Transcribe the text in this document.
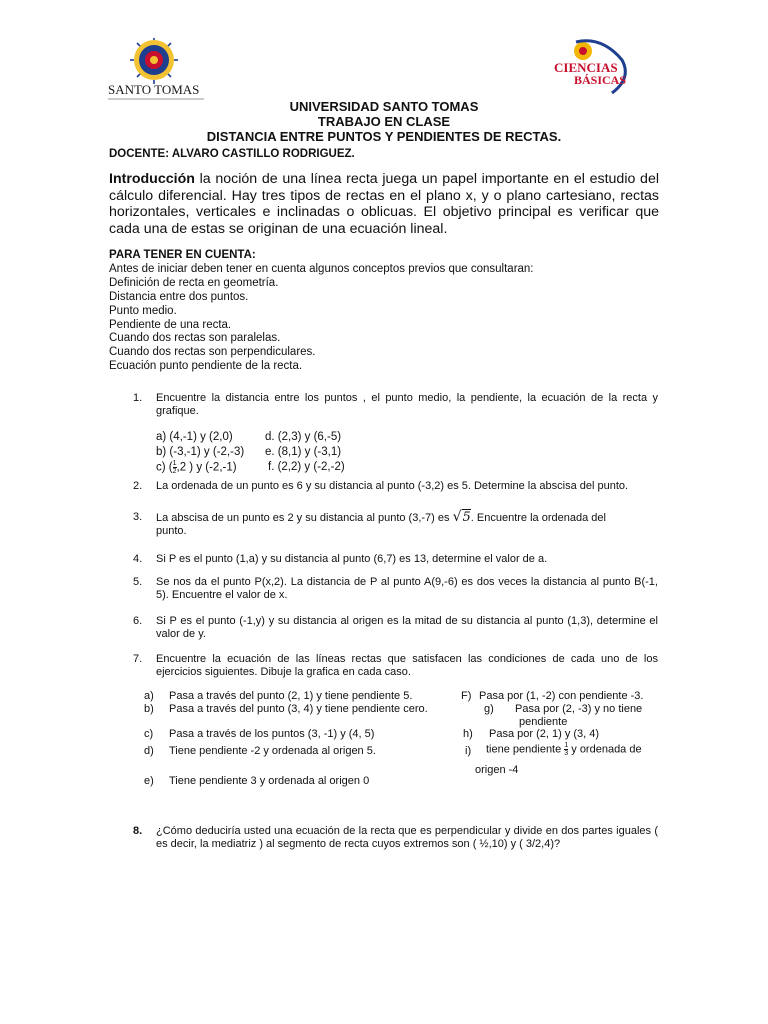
SANTO TOMAS
CIENCIAS
BÁSICAS
UNIVERSIDAD SANTO TOMAS
TRABAJO EN CLASE
DISTANCIA ENTRE PUNTOS Y PENDIENTES DE RECTAS.
DOCENTE: ALVARO CASTILLO RODRIGUEZ.
Introducción la noción de una línea recta juega un papel importante en el estudio del cálculo diferencial. Hay tres tipos de rectas en el plano x, y o plano cartesiano, rectas horizontales, verticales e inclinadas o oblicuas. El objetivo principal es verificar que cada una de estas se originan de una ecuación lineal.
PARA TENER EN CUENTA:
Antes de iniciar deben tener en cuenta algunos conceptos previos que consultaran:
Definición de recta en geometría.
Distancia entre dos puntos.
Punto medio.
Pendiente de una recta.
Cuando dos rectas son paralelas.
Cuando dos rectas son perpendiculares.
Ecuación punto pendiente de la recta.
1.	Encuentre la distancia entre los puntos , el punto medio, la pendiente, la ecuación de la recta y grafique.
a) (4,-1) y (2,0)	d. (2,3) y (6,-5)
b) (-3,-1) y (-2,-3) e. (8,1) y (-3,1)
c) ( $\frac{1}{2} ,2$ ) y (-2,-1)	f. (2,2) y (-2,-2)
2.	La ordenada de un punto es 6 y su distancia al punto (-3,2) es 5. Determine la abscisa del punto.
3.	La abscisa de un punto es 2 y su distancia al punto (3,-7) es √5. Encuentre la ordenada del
punto.
4.	Si P es el punto (1,a) y su distancia al punto (6,7) es 13, determine el valor de a.
5.	Se nos da el punto P(x,2). La distancia de P al punto A(9,-6) es dos veces la distancia al punto B(-1, 5). Encuentre el valor de x.
6.	Si P es el punto (-1,y) y su distancia al origen es la mitad de su distancia al punto (1,3), determine el valor de y.
7.	Encuentre la ecuación de las líneas rectas que satisfacen las condiciones de cada uno de los ejercicios siguientes. Dibuje la grafica en cada caso.
a) Pasa a través del punto (2, 1) y tiene pendiente 5.	F) Pasa por (1, -2) con pendiente -3.
b) Pasa a través del punto (3, 4) y tiene pendiente cero.	g) Pasa por (2, -3) y no tiene
pendiente
c) Pasa a través de los puntos (3, -1) y (4, 5)	h) Pasa por (2, 1) y (3, 4)
d) Tiene pendiente -2 y ordenada al origen 5.	i) tiene pendiente $\frac{1}{3}$ y ordenada de
origen -4
e) Tiene pendiente 3 y ordenada al origen 0
8.	¿Cómo deduciría usted una ecuación de la recta que es perpendicular y divide en dos partes iguales ( es decir, la mediatriz ) al segmento de recta cuyos extremos son ( ½,10) y ( 3/2,4)?
